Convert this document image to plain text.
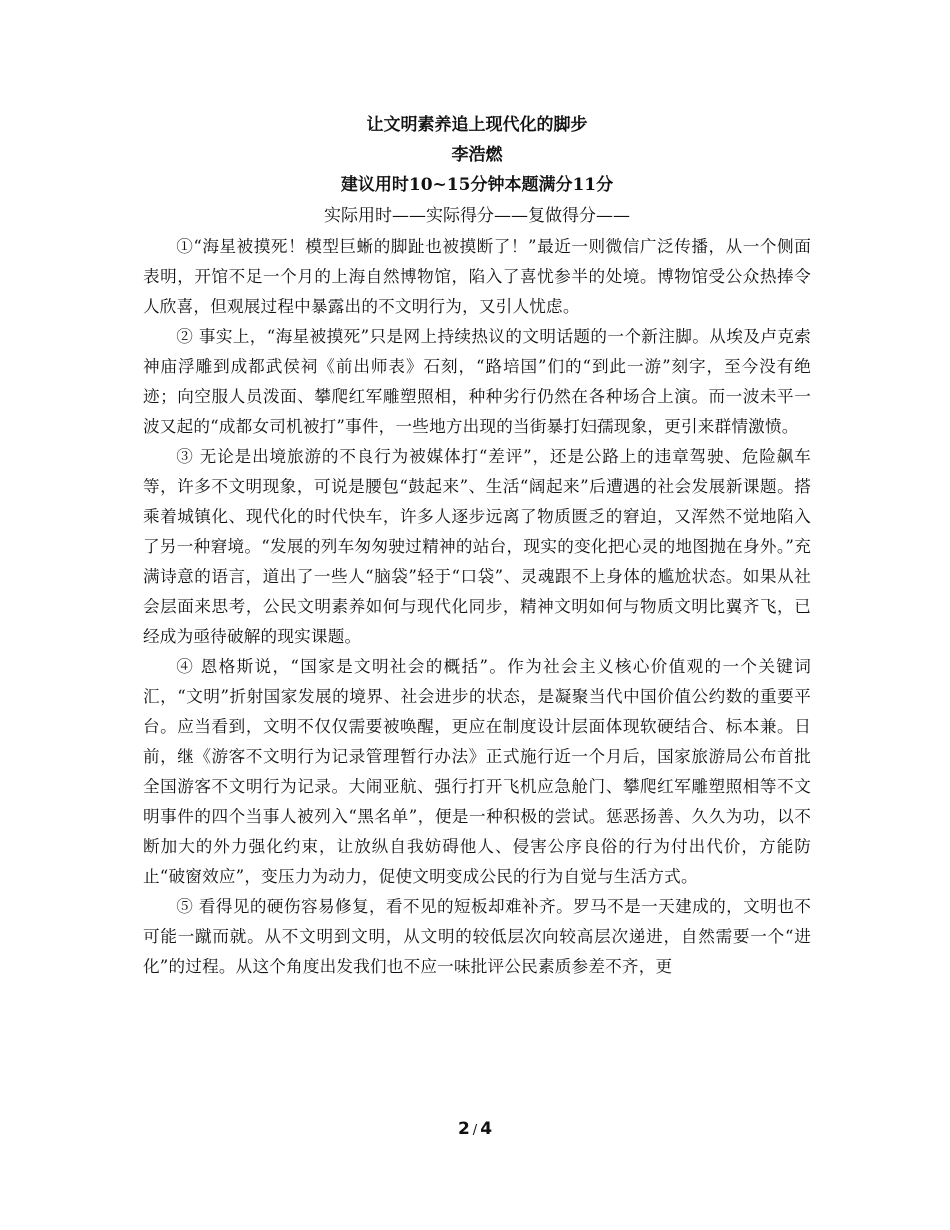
让文明素养追上现代化的脚步

李浩燃

建议用时10~15分钟本题满分11分

实际用时——实际得分——复做得分——

①“海星被摸死！模型巨蜥的脚趾也被摸断了！”最近一则微信广泛传播，从一个侧面表明，开馆不足一个月的上海自然博物馆，陷入了喜忧参半的处境。博物馆受公众热捧令人欣喜，但观展过程中暴露出的不文明行为，又引人忧虑。

② 事实上，“海星被摸死”只是网上持续热议的文明话题的一个新注脚。从埃及卢克索神庙浮雕到成都武侯祠《前出师表》石刻，“路培国”们的“到此一游”刻字，至今没有绝迹；向空服人员泼面、攀爬红军雕塑照相，种种劣行仍然在各种场合上演。而一波未平一波又起的“成都女司机被打”事件，一些地方出现的当街暴打妇孺现象，更引来群情激愤。

③ 无论是出境旅游的不良行为被媒体打“差评”，还是公路上的违章驾驶、危险飙车等，许多不文明现象，可说是腰包“鼓起来”、生活“阔起来”后遭遇的社会发展新课题。搭乘着城镇化、现代化的时代快车，许多人逐步远离了物质匮乏的窘迫，又浑然不觉地陷入了另一种窘境。“发展的列车匆匆驶过精神的站台，现实的变化把心灵的地图抛在身外。”充满诗意的语言，道出了一些人“脑袋”轻于“口袋”、灵魂跟不上身体的尴尬状态。如果从社会层面来思考，公民文明素养如何与现代化同步，精神文明如何与物质文明比翼齐飞，已经成为亟待破解的现实课题。

④ 恩格斯说，“国家是文明社会的概括”。作为社会主义核心价值观的一个关键词汇，“文明”折射国家发展的境界、社会进步的状态，是凝聚当代中国价值公约数的重要平台。应当看到，文明不仅仅需要被唤醒，更应在制度设计层面体现软硬结合、标本兼。日前，继《游客不文明行为记录管理暂行办法》正式施行近一个月后，国家旅游局公布首批全国游客不文明行为记录。大闹亚航、强行打开飞机应急舱门、攀爬红军雕塑照相等不文明事件的四个当事人被列入“黑名单”，便是一种积极的尝试。惩恶扬善、久久为功，以不断加大的外力强化约束，让放纵自我妨碍他人、侵害公序良俗的行为付出代价，方能防止“破窗效应”，变压力为动力，促使文明变成公民的行为自觉与生活方式。

⑤ 看得见的硬伤容易修复，看不见的短板却难补齐。罗马不是一天建成的，文明也不可能一蹴而就。从不文明到文明，从文明的较低层次向较高层次递进，自然需要一个“进化”的过程。从这个角度出发我们也不应一味批评公民素质参差不齐，更

2 / 4
